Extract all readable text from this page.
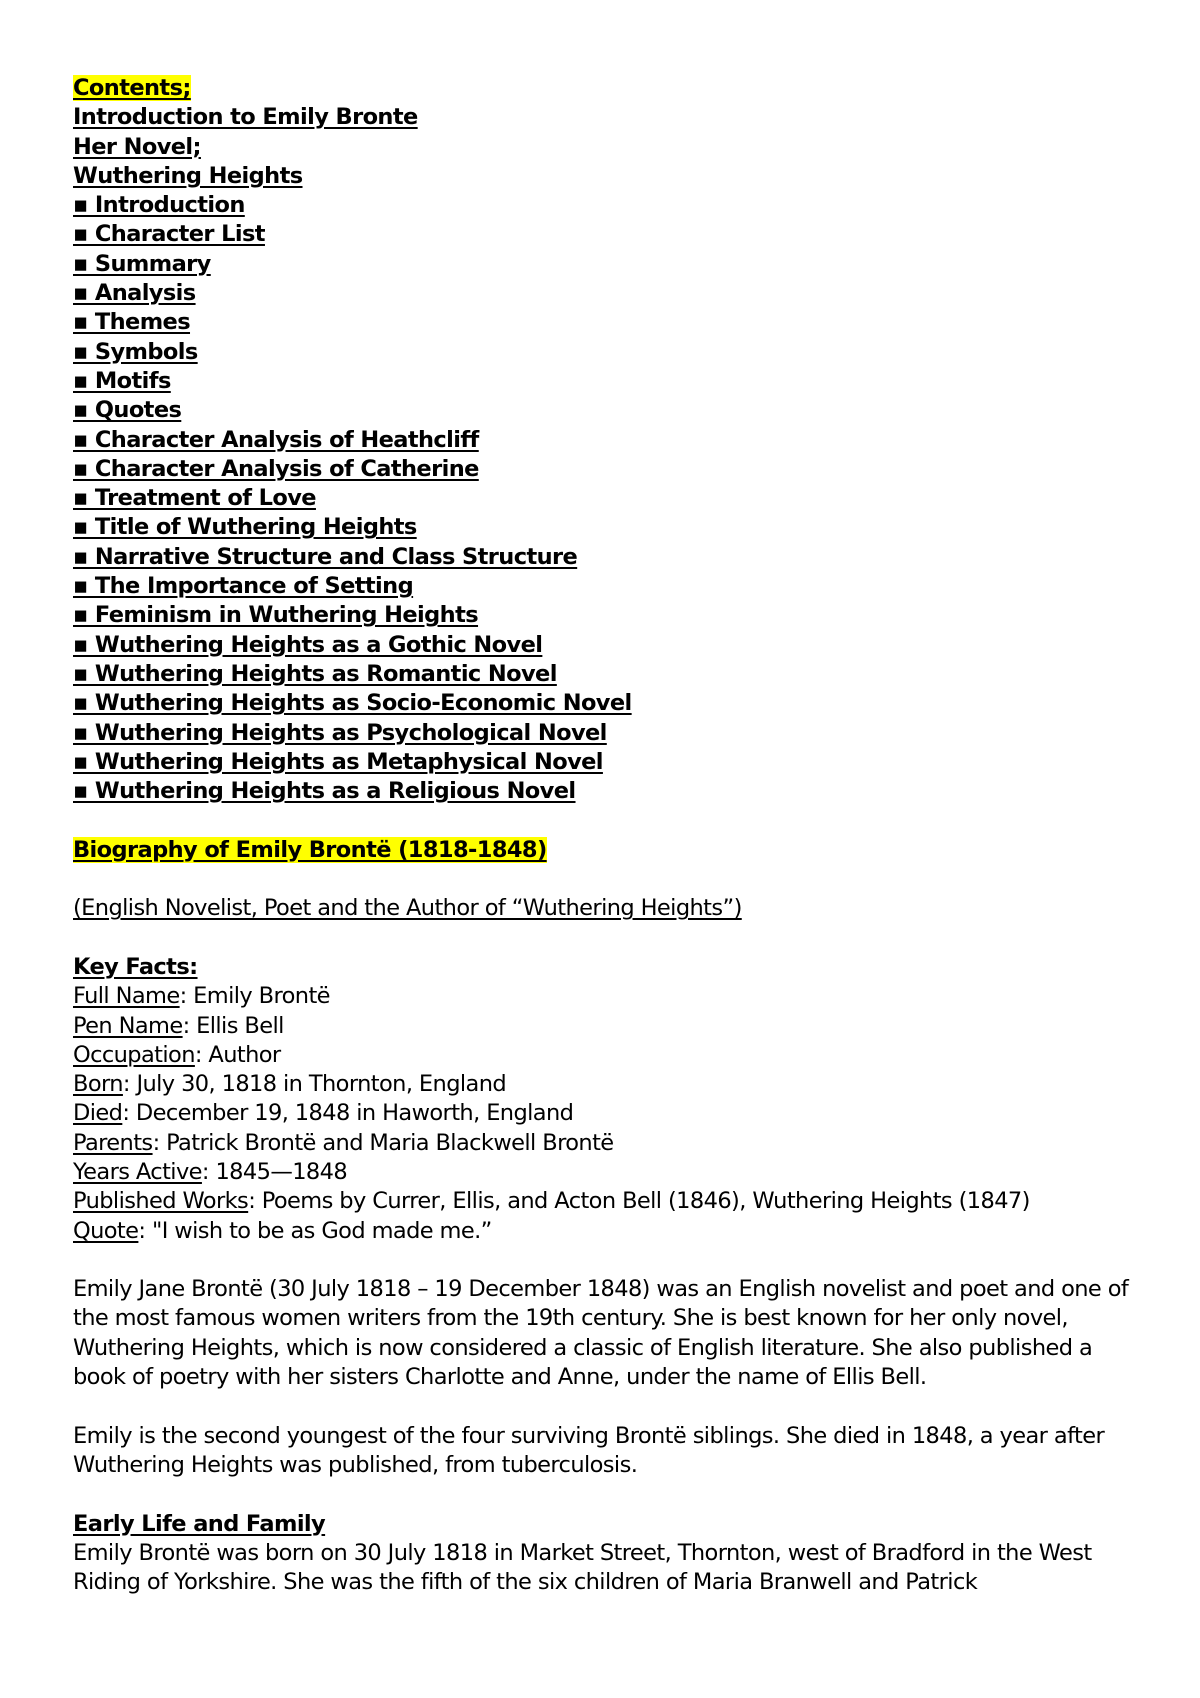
Contents;
Introduction to Emily Bronte
Her Novel;
Wuthering Heights
▪ Introduction
▪ Character List
▪ Summary
▪ Analysis
▪ Themes
▪ Symbols
▪ Motifs
▪ Quotes
▪ Character Analysis of Heathcliff
▪ Character Analysis of Catherine
▪ Treatment of Love
▪ Title of Wuthering Heights
▪ Narrative Structure and Class Structure
▪ The Importance of Setting
▪ Feminism in Wuthering Heights
▪ Wuthering Heights as a Gothic Novel
▪ Wuthering Heights as Romantic Novel
▪ Wuthering Heights as Socio-Economic Novel
▪ Wuthering Heights as Psychological Novel
▪ Wuthering Heights as Metaphysical Novel
▪ Wuthering Heights as a Religious Novel
Biography of Emily Brontë (1818-1848)
(English Novelist, Poet and the Author of “Wuthering Heights”)
Key Facts:
Full Name: Emily Brontë
Pen Name: Ellis Bell
Occupation: Author
Born: July 30, 1818 in Thornton, England
Died: December 19, 1848 in Haworth, England
Parents: Patrick Brontë and Maria Blackwell Brontë
Years Active: 1845—1848
Published Works: Poems by Currer, Ellis, and Acton Bell (1846), Wuthering Heights (1847)
Quote: "I wish to be as God made me.”
Emily Jane Brontë (30 July 1818 – 19 December 1848) was an English novelist and poet and one of the most famous women writers from the 19th century. She is best known for her only novel, Wuthering Heights, which is now considered a classic of English literature. She also published a book of poetry with her sisters Charlotte and Anne, under the name of Ellis Bell.
Emily is the second youngest of the four surviving Brontë siblings. She died in 1848, a year after Wuthering Heights was published, from tuberculosis.
Early Life and Family
Emily Brontë was born on 30 July 1818 in Market Street, Thornton, west of Bradford in the West Riding of Yorkshire. She was the fifth of the six children of Maria Branwell and Patrick
